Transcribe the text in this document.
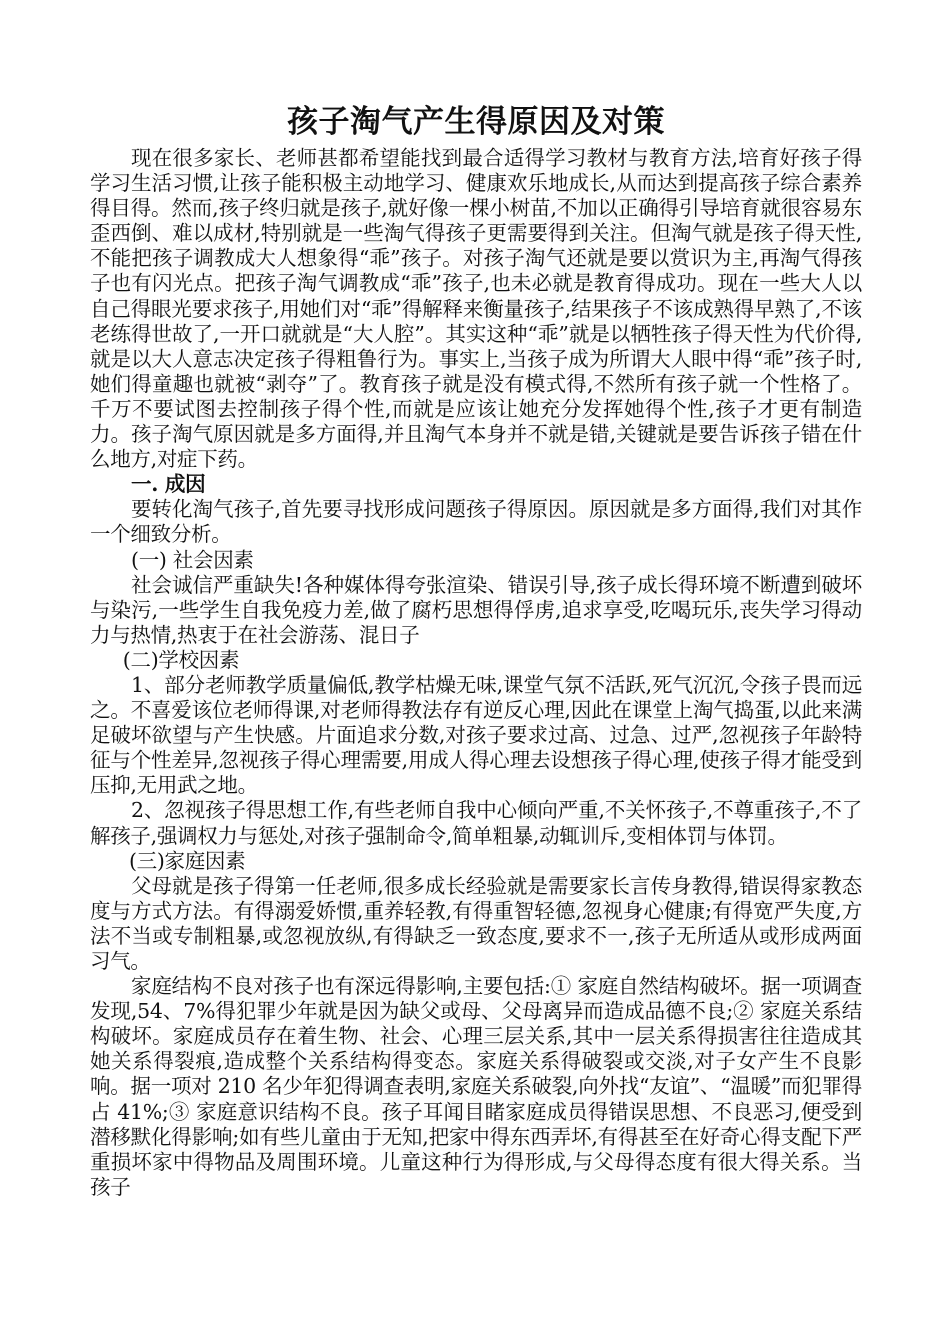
孩子淘气产生得原因及对策

现在很多家长、老师甚都希望能找到最合适得学习教材与教育方法,培育好孩子得学习生活习惯,让孩子能积极主动地学习、健康欢乐地成长,从而达到提高孩子综合素养得目得。然而,孩子终归就是孩子,就好像一棵小树苗,不加以正确得引导培育就很容易东歪西倒、难以成材,特别就是一些淘气得孩子更需要得到关注。但淘气就是孩子得天性,不能把孩子调教成大人想象得“乖”孩子。对孩子淘气还就是要以赏识为主,再淘气得孩子也有闪光点。把孩子淘气调教成“乖”孩子,也未必就是教育得成功。现在一些大人以自己得眼光要求孩子,用她们对“乖”得解释来衡量孩子,结果孩子不该成熟得早熟了,不该老练得世故了,一开口就就是“大人腔”。其实这种“乖”就是以牺牲孩子得天性为代价得,就是以大人意志决定孩子得粗鲁行为。事实上,当孩子成为所谓大人眼中得“乖”孩子时,她们得童趣也就被“剥夺”了。教育孩子就是没有模式得,不然所有孩子就一个性格了。千万不要试图去控制孩子得个性,而就是应该让她充分发挥她得个性,孩子才更有制造力。孩子淘气原因就是多方面得,并且淘气本身并不就是错,关键就是要告诉孩子错在什么地方,对症下药。

一. 成因

要转化淘气孩子,首先要寻找形成问题孩子得原因。原因就是多方面得,我们对其作一个细致分析。

(一) 社会因素

社会诚信严重缺失!各种媒体得夸张渲染、错误引导,孩子成长得环境不断遭到破坏与染污,一些学生自我免疫力差,做了腐朽思想得俘虏,追求享受,吃喝玩乐,丧失学习得动力与热情,热衷于在社会游荡、混日子

(二)学校因素

1、部分老师教学质量偏低,教学枯燥无味,课堂气氛不活跃,死气沉沉,令孩子畏而远之。不喜爱该位老师得课,对老师得教法存有逆反心理,因此在课堂上淘气捣蛋,以此来满足破坏欲望与产生快感。片面追求分数,对孩子要求过高、过急、过严,忽视孩子年龄特征与个性差异,忽视孩子得心理需要,用成人得心理去设想孩子得心理,使孩子得才能受到压抑,无用武之地。

2、忽视孩子得思想工作,有些老师自我中心倾向严重,不关怀孩子,不尊重孩子,不了解孩子,强调权力与惩处,对孩子强制命令,简单粗暴,动辄训斥,变相体罚与体罚。

(三)家庭因素

父母就是孩子得第一任老师,很多成长经验就是需要家长言传身教得,错误得家教态度与方式方法。有得溺爱娇惯,重养轻教,有得重智轻德,忽视身心健康;有得宽严失度,方法不当或专制粗暴,或忽视放纵,有得缺乏一致态度,要求不一,孩子无所适从或形成两面习气。

家庭结构不良对孩子也有深远得影响,主要包括:① 家庭自然结构破坏。据一项调查发现,54、7%得犯罪少年就是因为缺父或母、父母离异而造成品德不良;② 家庭关系结构破坏。家庭成员存在着生物、社会、心理三层关系,其中一层关系得损害往往造成其她关系得裂痕,造成整个关系结构得变态。家庭关系得破裂或交淡,对子女产生不良影响。据一项对 210 名少年犯得调查表明,家庭关系破裂,向外找“友谊”、“温暖”而犯罪得占 41%;③ 家庭意识结构不良。孩子耳闻目睹家庭成员得错误思想、不良恶习,便受到潜移默化得影响;如有些儿童由于无知,把家中得东西弄坏,有得甚至在好奇心得支配下严重损坏家中得物品及周围环境。儿童这种行为得形成,与父母得态度有很大得关系。当孩子
